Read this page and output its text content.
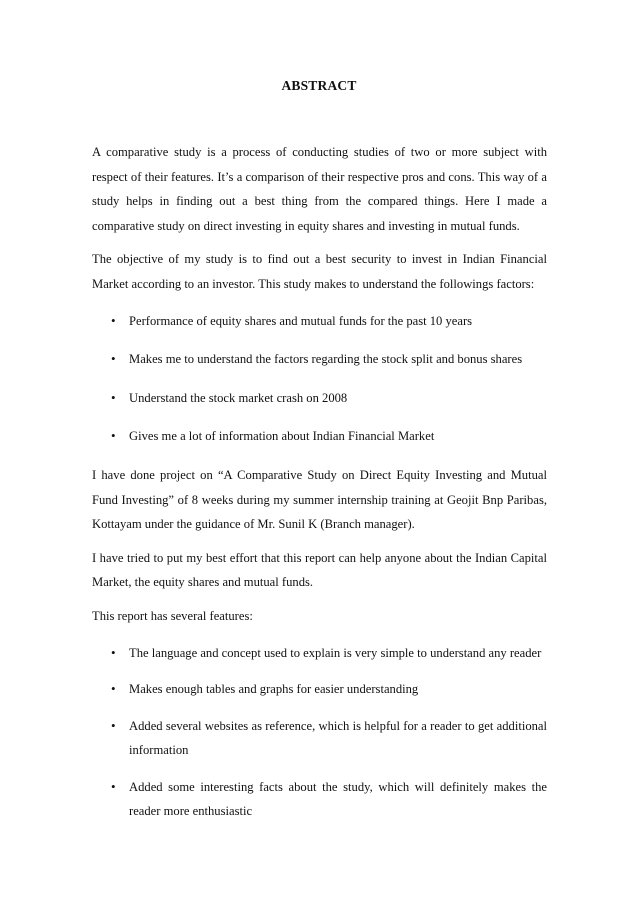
ABSTRACT

A comparative study is a process of conducting studies of two or more subject with respect of their features. It’s a comparison of their respective pros and cons. This way of a study helps in finding out a best thing from the compared things. Here I made a comparative study on direct investing in equity shares and investing in mutual funds.

The objective of my study is to find out a best security to invest in Indian Financial Market according to an investor. This study makes to understand the followings factors:

• Performance of equity shares and mutual funds for the past 10 years
• Makes me to understand the factors regarding the stock split and bonus shares
• Understand the stock market crash on 2008
• Gives me a lot of information about Indian Financial Market

I have done project on “A Comparative Study on Direct Equity Investing and Mutual Fund Investing” of 8 weeks during my summer internship training at Geojit Bnp Paribas, Kottayam under the guidance of Mr. Sunil K (Branch manager).

I have tried to put my best effort that this report can help anyone about the Indian Capital Market, the equity shares and mutual funds.

This report has several features:

• The language and concept used to explain is very simple to understand any reader
• Makes enough tables and graphs for easier understanding
• Added several websites as reference, which is helpful for a reader to get additional information
• Added some interesting facts about the study, which will definitely makes the reader more enthusiastic
